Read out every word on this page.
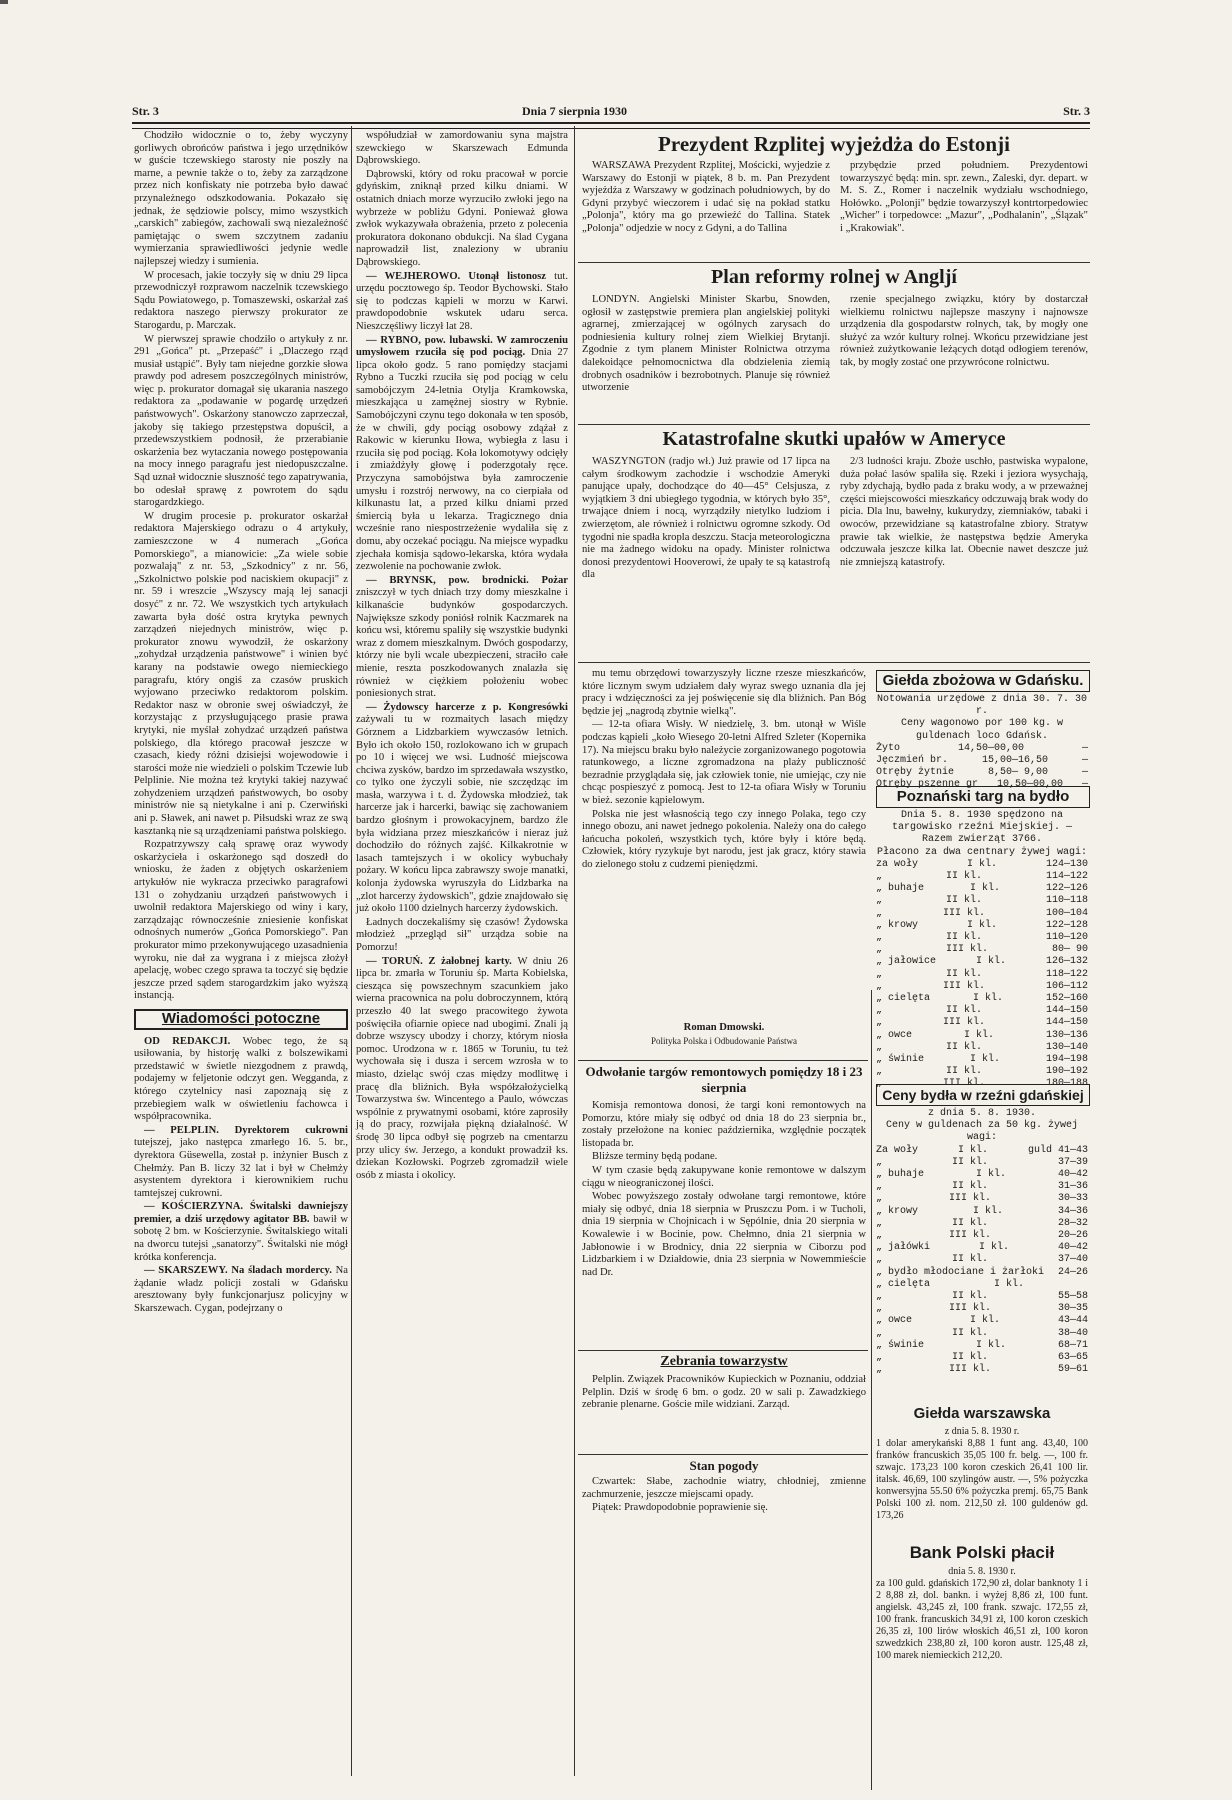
Str. 3	Dnia 7 sierpnia 1930	Str. 3

Chodziło widocznie o to, żeby wyczyny gorliwych obrońców państwa i jego urzędników w guście tczewskiego starosty nie poszły na marne, a pewnie także o to, żeby za zarządzone przez nich konfiskaty nie potrzeba było dawać przynależnego odszkodowania. Pokazało się jednak, że sędziowie polscy, mimo wszystkich „carskich" zabiegów, zachowali swą niezależność pamiętając o swem szczytnem zadaniu wymierzania sprawiedliwości jedynie wedle najlepszej wiedzy i sumienia.

W procesach, jakie toczyły się w dniu 29 lipca przewodniczył rozprawom naczelnik tczewskiego Sądu Powiatowego, p. Tomaszewski, oskarżał zaś redaktora naszego pierwszy prokurator ze Starogardu, p. Marczak.

W pierwszej sprawie chodziło o artykuły z nr. 291 „Gońca" pt. „Przepaść" i „Dlaczego rząd musiał ustąpić". Były tam niejedne gorzkie słowa prawdy pod adresem poszczególnych ministrów, więc p. prokurator domagał się ukarania naszego redaktora za „podawanie w pogardę urzędzeń państwowych". Oskarżony stanowczo zaprzeczał, jakoby się takiego przestępstwa dopuścił, a przedewszystkiem podnosił, że przerabianie oskarżenia bez wytaczania nowego postępowania na mocy innego paragrafu jest niedopuszczalne. Sąd uznał widocznie słuszność tego zapatrywania, bo odesłał sprawę z powrotem do sądu starogardzkiego.

W drugim procesie p. prokurator oskarżał redaktora Majerskiego odrazu o 4 artykuły, zamieszczone w 4 numerach „Gońca Pomorskiego", a mianowicie: „Za wiele sobie pozwalają" z nr. 53, „Szkodnicy" z nr. 56, „Szkolnictwo polskie pod naciskiem okupacji" z nr. 59 i wreszcie „Wszyscy mają lej sanacji dosyć" z nr. 72. We wszystkich tych artykułach zawarta była dość ostra krytyka pewnych zarządzeń niejednych ministrów, więc p. prokurator znowu wywodził, że oskarżony „zohydzał urządzenia państwowe" i winien być karany na podstawie owego niemieckiego paragrafu, który ongiś za czasów pruskich wyjowano przeciwko redaktorom polskim. Redaktor nasz w obronie swej oświadczył, że korzystając z przysługującego prasie prawa krytyki, nie myślał zohydzać urządzeń państwa polskiego, dla którego pracował jeszcze w czasach, kiedy różni dzisiejsi wojewodowie i starości może nie wiedzieli o polskim Tczewie lub Pelplinie. Nie można też krytyki takiej nazywać zohydzeniem urządzeń państwowych, bo osoby ministrów nie są nietykalne i ani p. Czerwiński ani p. Sławek, ani nawet p. Piłsudski wraz ze swą kasztanką nie są urządzeniami państwa polskiego.

Rozpatrzywszy całą sprawę oraz wywody oskarżycieła i oskarżonego sąd doszedł do wniosku, że żaden z objętych oskarżeniem artykułów nie wykracza przeciwko paragrafowi 131 o zohydzaniu urządzeń państwowych i uwolnił redaktora Majerskiego od winy i kary, zarządzając równocześnie zniesienie konfiskat odnośnych numerów „Gońca Pomorskiego". Pan prokurator mimo przekonywującego uzasadnienia wyroku, nie dał za wygrana i z miejsca złożył apelację, wobec czego sprawa ta toczyć się będzie jeszcze przed sądem starogardzkim jako wyższą instancją.

Wiadomości potoczne

OD REDAKCJI. Wobec tego, że są usiłowania, by historję walki z bolszewikami przedstawić w świetle niezgodnem z prawdą, podajemy w feljetonie odczyt gen. Wegganda, z którego czytelnicy nasi zapoznają się z przebiegiem walk w oświetleniu fachowca i współpracownika.

— PELPLIN. Dyrektorem cukrowni tutejszej, jako następca zmarłego 16. 5. br., dyrektora Güsewella, został p. inżynier Busch z Chełmży. Pan B. liczy 32 lat i był w Chełmży asystentem dyrektora i kierownikiem ruchu tamtejszej cukrowni.

— KOŚCIERZYNA. Świtalski dawniejszy premier, a dziś urzędowy agitator BB. bawił w sobotę 2 bm. w Kościerzynie. Świtalskiego witali na dworcu tutejsi „sanatorzy". Świtalski nie mógł krótka konferencja.

— SKARSZEWY. Na śladach mordercy. Na żądanie władz policji zostali w Gdańsku aresztowany były funkcjonarjusz policyjny w Skarszewach. Cygan, podejrzany o

współudział w zamordowaniu syna majstra szewckiego w Skarszewach Edmunda Dąbrowskiego.

Dąbrowski, który od roku pracował w porcie gdyńskim, zniknął przed kilku dniami. W ostatnich dniach morze wyrzuciło zwłoki jego na wybrzeże w pobliżu Gdyni. Ponieważ głowa zwłok wykazywała obrażenia, przeto z polecenia prokuratora dokonano obdukcji. Na ślad Cygana naprowadził list, znaleziony w ubraniu Dąbrowskiego.

— WEJHEROWO. Utonął listonosz tut. urzędu pocztowego śp. Teodor Bychowski. Stało się to podczas kąpieli w morzu w Karwi. prawdopodobnie wskutek udaru serca. Nieszczęśliwy liczył lat 28.

— RYBNO, pow. lubawski. W zamroczeniu umysłowem rzuciła się pod pociąg. Dnia 27 lipca około godz. 5 rano pomiędzy stacjami Rybno a Tuczki rzuciła się pod pociąg w celu samobójczym 24-letnia Otylja Kramkowska, mieszkająca u zamężnej siostry w Rybnie. Samobójczyni czynu tego dokonała w ten sposób, że w chwili, gdy pociąg osobowy zdążał z Rakowic w kierunku Iłowa, wybiegła z lasu i rzuciła się pod pociąg. Koła lokomotywy odcięły i zmiażdżyły głowę i poderzgotały ręce. Przyczyna samobójstwa była zamroczenie umysłu i rozstrój nerwowy, na co cierpiała od kilkunastu lat, a przed kilku dniami przed śmiercią była u lekarza. Tragicznego dnia wcześnie rano niespostrzeżenie wydaliła się z domu, aby oczekać pociągu. Na miejsce wypadku zjechała komisja sądowo-lekarska, która wydała zezwolenie na pochowanie zwłok.

— BRYNSK, pow. brodnicki. Pożar zniszczył w tych dniach trzy domy mieszkalne i kilkanaście budynków gospodarczych. Największe szkody poniósł rolnik Kaczmarek na końcu wsi, któremu spaliły się wszystkie budynki wraz z domem mieszkalnym. Dwóch gospodarzy, którzy nie byli wcale ubezpieczeni, straciło całe mienie, reszta poszkodowanych znalazła się również w ciężkiem położeniu wobec poniesionych strat.

— Żydowscy harcerze z p. Kongresówki zażywali tu w rozmaitych lasach między Górznem a Lidzbarkiem wywczasów letnich. Było ich około 150, rozlokowano ich w grupach po 10 i więcej we wsi. Ludność miejscowa chciwa zysków, bardzo im sprzedawała wszystko, co tylko one życzyli sobie, nie szczędząc im masła, warzywa i t. d. Żydowska młodzież, tak harcerze jak i harcerki, bawiąc się zachowaniem bardzo głośnym i prowokacyjnem, bardzo źle była widziana przez mieszkańców i nieraz już dochodziło do różnych zajść. Kilkakrotnie w lasach tamtejszych i w okolicy wybuchały pożary. W końcu lipca zabrawszy swoje manatki, kolonja żydowska wyruszyła do Lidzbarka na „zlot harcerzy żydowskich", gdzie znajdowało się już około 1100 dzielnych harcerzy żydowskich.

Ładnych doczekaliśmy się czasów! Żydowska młodzież „przegląd sił" urządza sobie na Pomorzu!

— TORUŃ. Z żałobnej karty. W dniu 26 lipca br. zmarła w Toruniu śp. Marta Kobielska, ciesząca się powszechnym szacunkiem jako wierna pracownica na polu dobroczynnem, którą przeszło 40 lat swego pracowitego żywota poświęciła ofiarnie opiece nad ubogimi. Znali ją dobrze wszyscy ubodzy i chorzy, którym niosła pomoc. Urodzona w r. 1865 w Toruniu, tu też wychowała się i dusza i sercem wzrosła w to miasto, dzieląc swój czas między modlitwę i pracę dla bliźnich. Była współzałożycielką Towarzystwa św. Wincentego a Paulo, wówczas wspólnie z prywatnymi osobami, które zaprosiły ją do pracy, rozwijała piękną działalność. W środę 30 lipca odbył się pogrzeb na cmentarzu przy ulicy św. Jerzego, a kondukt prowadził ks. dziekan Kozłowski. Pogrzeb zgromadził wiele osób z miasta i okolicy.

Prezydent Rzplitej wyjeżdża do Estonji

WARSZAWA Prezydent Rzplitej, Mościcki, wyjedzie z Warszawy do Estonji w piątek, 8 b. m. Pan Prezydent wyjeżdża z Warszawy w godzinach południowych, by do Gdyni przybyć wieczorem i udać się na pokład statku „Polonja", który ma go przewieźć do Tallina. Statek „Polonja" odjedzie w nocy z Gdyni, a do Tallina

przybędzie przed południem. Prezydentowi towarzyszyć będą: min. spr. zewn., Zaleski, dyr. depart. w M. S. Z., Romer i naczelnik wydziału wschodniego, Hołówko. „Polonji" będzie towarzyszył kontrtorpedowiec „Wicher" i torpedowce: „Mazur", „Podhalanin", „Ślązak" i „Krakowiak".

Plan reformy rolnej w Angljí

LONDYN. Angielski Minister Skarbu, Snowden, ogłosił w zastępstwie premiera plan angielskiej polityki agrarnej, zmierzającej w ogólnych zarysach do podniesienia kultury rolnej ziem Wielkiej Brytanji. Zgodnie z tym planem Minister Rolnictwa otrzyma dalekoidące pełnomocnictwa dla obdzielenia ziemią drobnych osadników i bezrobotnych. Planuje się również utworzenie

rzenie specjalnego związku, który by dostarczał wielkiemu rolnictwu najlepsze maszyny i najnowsze urządzenia dla gospodarstw rolnych, tak, by mogły one służyć za wzór kultury rolnej. Wkońcu przewidziane jest również zużytkowanie leżących dotąd odłogiem terenów, tak, by mogły zostać one przywrócone rolnictwu.

Katastrofalne skutki upałów w Ameryce

WASZYNGTON (radjo wł.) Już prawie od 17 lipca na całym środkowym zachodzie i wschodzie Ameryki panujące upały, dochodzące do 40—45° Celsjusza, z wyjątkiem 3 dni ubiegłego tygodnia, w których było 35°, trwające dniem i nocą, wyrządziły nietylko ludziom i zwierzętom, ale również i rolnictwu ogromne szkody. Od tygodni nie spadła kropla deszczu. Stacja meteorologiczna nie ma żadnego widoku na opady. Minister rolnictwa donosi prezydentowi Hooverowi, że upały te są katastrofą dla

2/3 ludności kraju. Zboże uschło, pastwiska wypalone, duża połać lasów spaliła się. Rzeki i jeziora wysychają, ryby zdychają, bydło pada z braku wody, a w przeważnej części miejscowości mieszkańcy odczuwają brak wody do picia. Dla lnu, bawełny, kukurydzy, ziemniaków, tabaki i owoców, przewidziane są katastrofalne zbiory. Stratyw prawie tak wielkie, że następstwa będzie Ameryka odczuwała jeszcze kilka lat. Obecnie nawet deszcze już nie zmniejszą katastrofy.

mu temu obrzędowi towarzyszyły liczne rzesze mieszkańców, które licznym swym udziałem dały wyraz swego uznania dla jej pracy i wdzięczności za jej poświęcenie się dla bliźnich. Pan Bóg będzie jej „nagrodą zbytnie wielką".

— 12-ta ofiara Wisły. W niedzielę, 3. bm. utonął w Wiśle podczas kąpieli „koło Wiesego 20-letni Alfred Szleter (Kopernika 17). Na miejscu braku było należycie zorganizowanego pogotowia ratunkowego, a liczne zgromadzona na plaży publiczność bezradnie przyglądała się, jak człowiek tonie, nie umiejąc, czy nie chcąc pospieszyć z pomocą. Jest to 12-ta ofiara Wisły w Toruniu w bież. sezonie kąpielowym.

Polska nie jest własnością tego czy innego Polaka, tego czy innego obozu, ani nawet jednego pokolenia. Należy ona do całego łańcucha pokoleń, wszystkich tych, które były i które będą. Człowiek, który ryzykuje byt narodu, jest jak gracz, który stawia do zielonego stołu z cudzemi pieniędzmi.

Roman Dmowski.
Polityka Polska i Odbudowanie Państwa
Odwołanie targów remontowych pomiędzy 18 i 23 sierpnia

Komisja remontowa donosi, że targi koni remontowych na Pomorzu, które miały się odbyć od dnia 18 do 23 sierpnia br., zostały przełożone na koniec października, względnie początek listopada br.

Bliższe terminy będą podane.

W tym czasie będą zakupywane konie remontowe w dalszym ciągu w nieograniczonej ilości.

Wobec powyższego zostały odwołane targi remontowe, które miały się odbyć, dnia 18 sierpnia w Pruszczu Pom. i w Tucholi, dnia 19 sierpnia w Chojnicach i w Sępólnie, dnia 20 sierpnia w Kowalewie i w Bocinie, pow. Chełmno, dnia 21 sierpnia w Jabłonowie i w Brodnicy, dnia 22 sierpnia w Ciborzu pod Lidzbarkiem i w Działdowie, dnia 23 sierpnia w Nowemmieście nad Dr.

Zebrania towarzystw

Pelplin. Związek Pracowników Kupieckich w Poznaniu, oddział Pelplin. Dziś w środę 6 bm. o godz. 20 w sali p. Zawadzkiego zebranie plenarne. Goście mile widziani. Zarząd.

Stan pogody

Czwartek: Słabe, zachodnie wiatry, chłodniej, zmienne zachmurzenie, jeszcze miejscami opady.

Piątek: Prawdopodobnie poprawienie się.

Giełda zbożowa w Gdańsku.
Notowania urzędowe z dnia 30. 7. 30 r.
Ceny wagonowo por 100 kg. w guldenach loco Gdańsk.
Żyto	14,50—00,00	—
Jęczmień br.	15,00—16,50	—
Otręby żytnie	8,50— 9,00	—
Otręby pszenne gr 10,50—00,00 —
Poznański targ na bydło
Dnia 5. 8. 1930 spędzono na targowisko rzeźni Miejskiej. — Razem zwierząt 3766.
Płacono za dwa centnary żywej wagi:
za woły	I kl.	124—130
„	II kl.	114—122
„ buhaje	I kl.	122—126
„	II kl.	110—118
„	III kl.	100—104
„ krowy	I kl.	122—128
„	II kl.	110—120
„	III kl.	80— 90
„ jałowice	I kl.	126—132
„	II kl.	118—122
„	III kl.	106—112
„ cielęta	I kl.	152—160
„	II kl.	144—150
„	III kl.	144—150
„ owce	I kl.	130—136
„	II kl.	130—140
„ świnie	I kl.	194—198
„	II kl.	190—192
„	III kl.	180—188
Ceny bydła w rzeźni gdańskiej
z dnia 5. 8. 1930.
Ceny w guldenach za 50 kg. żywej wagi:
Za woły	I kl.	guld 41—43
„	II kl.	37—39
„ buhaje	I kl.	40—42
„	II kl.	31—36
„	III kl.	30—33
„ krowy	I kl.	34—36
„	II kl.	28—32
„	III kl.	20—26
„ jałówki	I kl.	40—42
„	II kl.	37—40
„ bydło młodociane i żarłoki 24—26
„ cielęta	I kl.
„	II kl.	55—58
„	III kl.	30—35
„ owce	I kl.	43—44
„	II kl.	38—40
„ świnie	I kl.	68—71
„	II kl.	63—65
„	III kl.	59—61
Giełda warszawska
z dnia 5. 8. 1930 r.
1 dolar amerykański 8,88 1 funt ang. 43,40, 100 franków francuskich 35,05 100 fr. belg. —, 100 fr. szwajc. 173,23 100 koron czeskich 26,41 100 lir. italsk. 46,69, 100 szylingów austr. —, 5% pożyczka konwersyjna 55.50 6% pożyczka premj. 65,75 Bank Polski 100 zł. nom. 212,50 zł. 100 guldenów gd. 173,26
Bank Polski płacił
dnia 5. 8. 1930 r.
za 100 guld. gdańskich 172,90 zł, dolar banknoty 1 i 2 8,88 zł, dol. bankn. i wyżej 8,86 zł, 100 funt. angielsk. 43,245 zł, 100 frank. szwajc. 172,55 zł, 100 frank. francuskich 34,91 zł, 100 koron czeskich 26,35 zł, 100 lirów włoskich 46,51 zł, 100 koron szwedzkich 238,80 zł, 100 koron austr. 125,48 zł, 100 marek niemieckich 212,20.
